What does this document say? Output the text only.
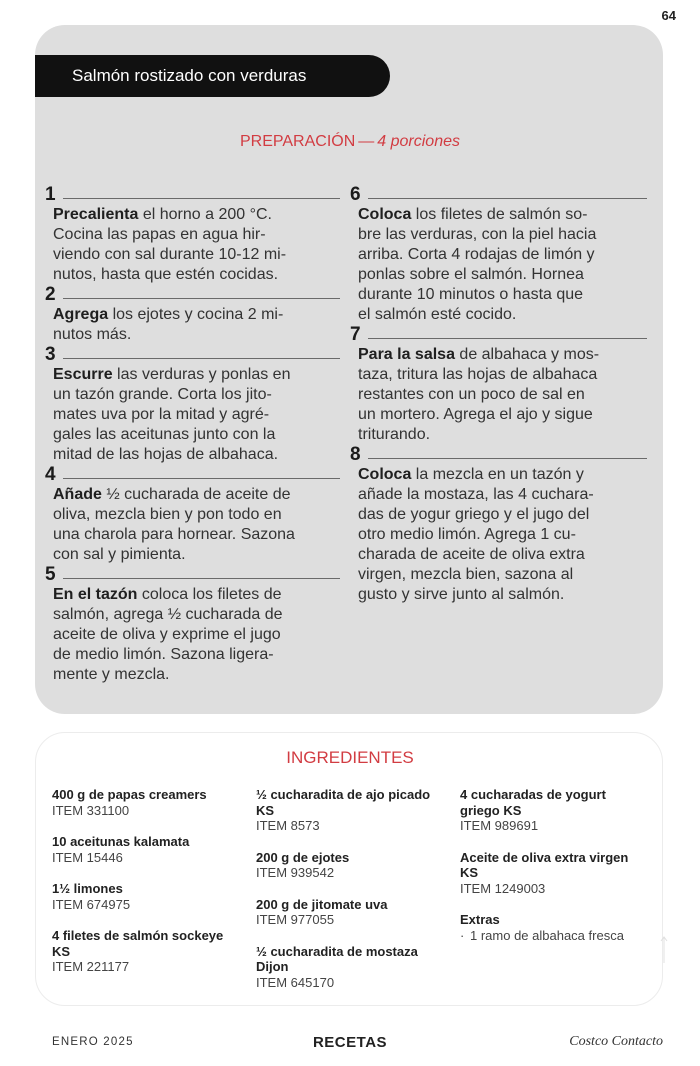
64
Salmón rostizado con verduras
PREPARACIÓN — 4 porciones
1
Precalienta el horno a 200 °C.
Cocina las papas en agua hir-
viendo con sal durante 10-12 mi-
nutos, hasta que estén cocidas.
2
Agrega los ejotes y cocina 2 mi-
nutos más.
3
Escurre las verduras y ponlas en
un tazón grande. Corta los jito-
mates uva por la mitad y agré-
gales las aceitunas junto con la
mitad de las hojas de albahaca.
4
Añade ½ cucharada de aceite de
oliva, mezcla bien y pon todo en
una charola para hornear. Sazona
con sal y pimienta.
5
En el tazón coloca los filetes de
salmón, agrega ½ cucharada de
aceite de oliva y exprime el jugo
de medio limón. Sazona ligera-
mente y mezcla.
6
Coloca los filetes de salmón so-
bre las verduras, con la piel hacia
arriba. Corta 4 rodajas de limón y
ponlas sobre el salmón. Hornea
durante 10 minutos o hasta que
el salmón esté cocido.
7
Para la salsa de albahaca y mos-
taza, tritura las hojas de albahaca
restantes con un poco de sal en
un mortero. Agrega el ajo y sigue
triturando.
8
Coloca la mezcla en un tazón y
añade la mostaza, las 4 cuchara-
das de yogur griego y el jugo del
otro medio limón. Agrega 1 cu-
charada de aceite de oliva extra
virgen, mezcla bien, sazona al
gusto y sirve junto al salmón.
INGREDIENTES
400 g de papas creamers
ITEM 331100
10 aceitunas kalamata
ITEM 15446
1½ limones
ITEM 674975
4 filetes de salmón sockeye KS
ITEM 221177
½ cucharadita de ajo picado KS
ITEM 8573
200 g de ejotes
ITEM 939542
200 g de jitomate uva
ITEM 977055
½ cucharadita de mostaza Dijon
ITEM 645170
4 cucharadas de yogurt griego KS
ITEM 989691
Aceite de oliva extra virgen KS
ITEM 1249003
Extras
· 1 ramo de albahaca fresca
ENERO 2025	RECETAS	Costco Contacto
